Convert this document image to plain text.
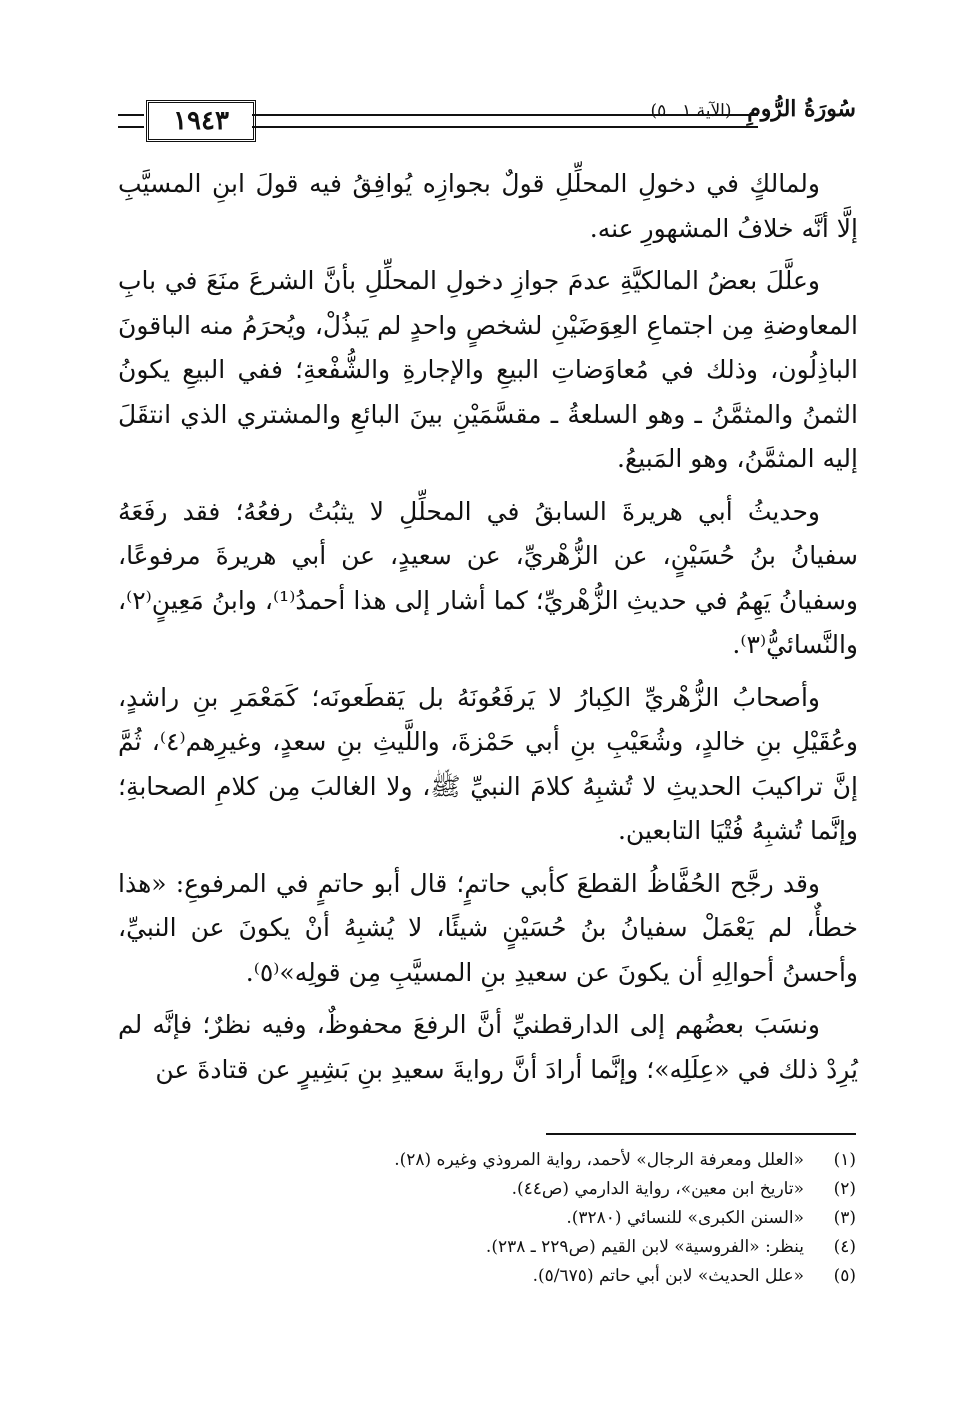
١٩٤٣	سُورَةُ الرُّومِ (الآية ١ ـ ٥)

ولمالكٍ في دخولِ المحلِّلِ قولٌ بجوازِه يُوافِقُ فيه قولَ ابنِ المسيَّبِ إلَّا أنَّه خلافُ المشهورِ عنه.

وعلَّلَ بعضُ المالكيَّةِ عدمَ جوازِ دخولِ المحلِّلِ بأنَّ الشرعَ منَعَ في بابِ المعاوضةِ مِن اجتماعِ العِوَضَيْنِ لشخصٍ واحدٍ لم يَبذُلْ، ويُحرَمُ منه الباقونَ الباذِلُون، وذلك في مُعاوَضاتِ البيعِ والإجارةِ والشُّفْعةِ؛ ففي البيعِ يكونُ الثمنُ والمثمَّنُ ـ وهو السلعةُ ـ مقسَّمَيْنِ بينَ البائعِ والمشتري الذي انتقَلَ إليه المثمَّنُ، وهو المَبيعُ.

وحديثُ أبي هريرةَ السابقُ في المحلِّلِ لا يثبُتُ رفعُهُ؛ فقد رفَعَهُ سفيانُ بنُ حُسَيْنٍ، عن الزُّهْريِّ، عن سعيدٍ، عن أبي هريرةَ مرفوعًا، وسفيانُ يَهِمُ في حديثِ الزُّهْريِّ؛ كما أشار إلى هذا أحمدُ⁽¹⁾، وابنُ مَعِينٍ⁽٢⁾، والنَّسائيُّ⁽٣⁾.

وأصحابُ الزُّهْريِّ الكِبارُ لا يَرفَعُونَهُ بل يَقطَعونَه؛ كَمَعْمَرِ بنِ راشدٍ، وعُقَيْلِ بنِ خالدٍ، وشُعَيْبِ بنِ أبي حَمْزةَ، واللَّيثِ بنِ سعدٍ، وغيرِهم⁽٤⁾، ثُمَّ إنَّ تراكيبَ الحديثِ لا تُشبِهُ كلامَ النبيِّ ﷺ، ولا الغالبَ مِن كلامِ الصحابةِ؛ وإنَّما تُشبِهُ فُتْيَا التابعين.

وقد رجَّح الحُفَّاظُ القطعَ كأبي حاتمٍ؛ قال أبو حاتمٍ في المرفوعِ: «هذا خطأٌ، لم يَعْمَلْ سفيانُ بنُ حُسَيْنٍ شيئًا، لا يُشبِهُ أنْ يكونَ عن النبيِّ، وأحسنُ أحوالِهِ أن يكونَ عن سعيدِ بنِ المسيَّبِ مِن قولِه»⁽٥⁾.

ونسَبَ بعضُهم إلى الدارقطنيِّ أنَّ الرفعَ محفوظٌ، وفيه نظرٌ؛ فإنَّه لم يُرِدْ ذلك في «عِلَلِه»؛ وإنَّما أرادَ أنَّ روايةَ سعيدِ بنِ بَشِيرٍ عن قتادةَ عن

(١)
«العلل ومعرفة الرجال» لأحمد، رواية المروذي وغيره (٢٨).
(٢)
«تاريخ ابن معين»، رواية الدارمي (ص٤٤).
(٣)
«السنن الكبرى» للنسائي (٣٢٨٠).
(٤)
ينظر: «الفروسية» لابن القيم (ص٢٢٩ ـ ٢٣٨).
(٥)
«علل الحديث» لابن أبي حاتم (٥/٦٧٥).
